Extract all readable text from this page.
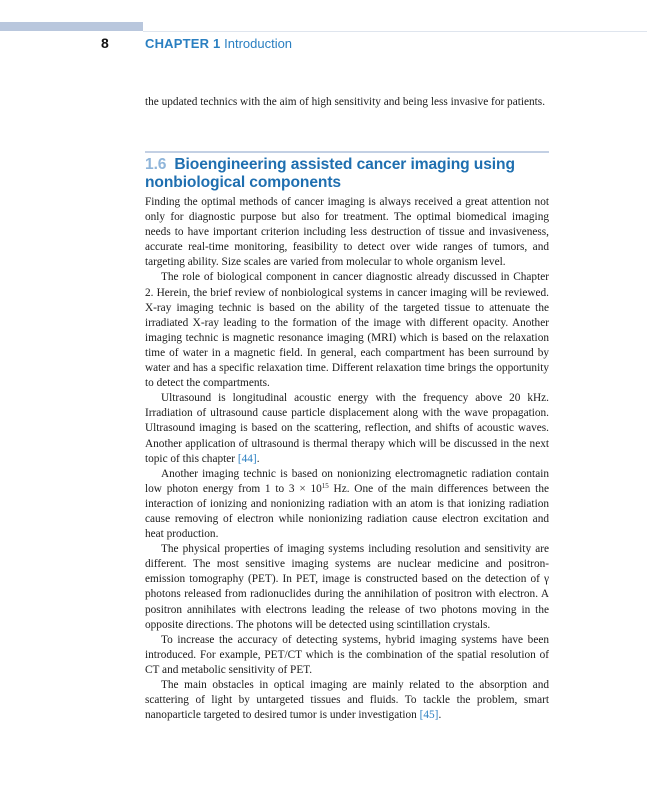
8	CHAPTER 1 Introduction

the updated technics with the aim of high sensitivity and being less invasive for patients.

1.6 Bioengineering assisted cancer imaging using nonbiological components

Finding the optimal methods of cancer imaging is always received a great attention not only for diagnostic purpose but also for treatment. The optimal biomedical imaging needs to have important criterion including less destruction of tissue and invasiveness, accurate real-time monitoring, feasibility to detect over wide ranges of tumors, and targeting ability. Size scales are varied from molecular to whole organism level.

The role of biological component in cancer diagnostic already discussed in Chapter 2. Herein, the brief review of nonbiological systems in cancer imaging will be reviewed. X-ray imaging technic is based on the ability of the targeted tissue to attenuate the irradiated X-ray leading to the formation of the image with different opacity. Another imaging technic is magnetic resonance imaging (MRI) which is based on the relaxation time of water in a magnetic field. In general, each compartment has been surround by water and has a specific relaxation time. Different relaxation time brings the opportunity to detect the compartments.

Ultrasound is longitudinal acoustic energy with the frequency above 20 kHz. Irradiation of ultrasound cause particle displacement along with the wave propagation. Ultrasound imaging is based on the scattering, reflection, and shifts of acoustic waves. Another application of ultrasound is thermal therapy which will be discussed in the next topic of this chapter [44].

Another imaging technic is based on nonionizing electromagnetic radiation contain low photon energy from 1 to $3 \times 10^{15}$ Hz. One of the main differences between the interaction of ionizing and nonionizing radiation with an atom is that ionizing radiation cause removing of electron while nonionizing radiation cause electron excitation and heat production.

The physical properties of imaging systems including resolution and sensitivity are different. The most sensitive imaging systems are nuclear medicine and positron-emission tomography (PET). In PET, image is constructed based on the detection of γ photons released from radionuclides during the annihilation of positron with electron. A positron annihilates with electrons leading the release of two photons moving in the opposite directions. The photons will be detected using scintillation crystals.

To increase the accuracy of detecting systems, hybrid imaging systems have been introduced. For example, PET/CT which is the combination of the spatial resolution of CT and metabolic sensitivity of PET.

The main obstacles in optical imaging are mainly related to the absorption and scattering of light by untargeted tissues and fluids. To tackle the problem, smart nanoparticle targeted to desired tumor is under investigation [45].
